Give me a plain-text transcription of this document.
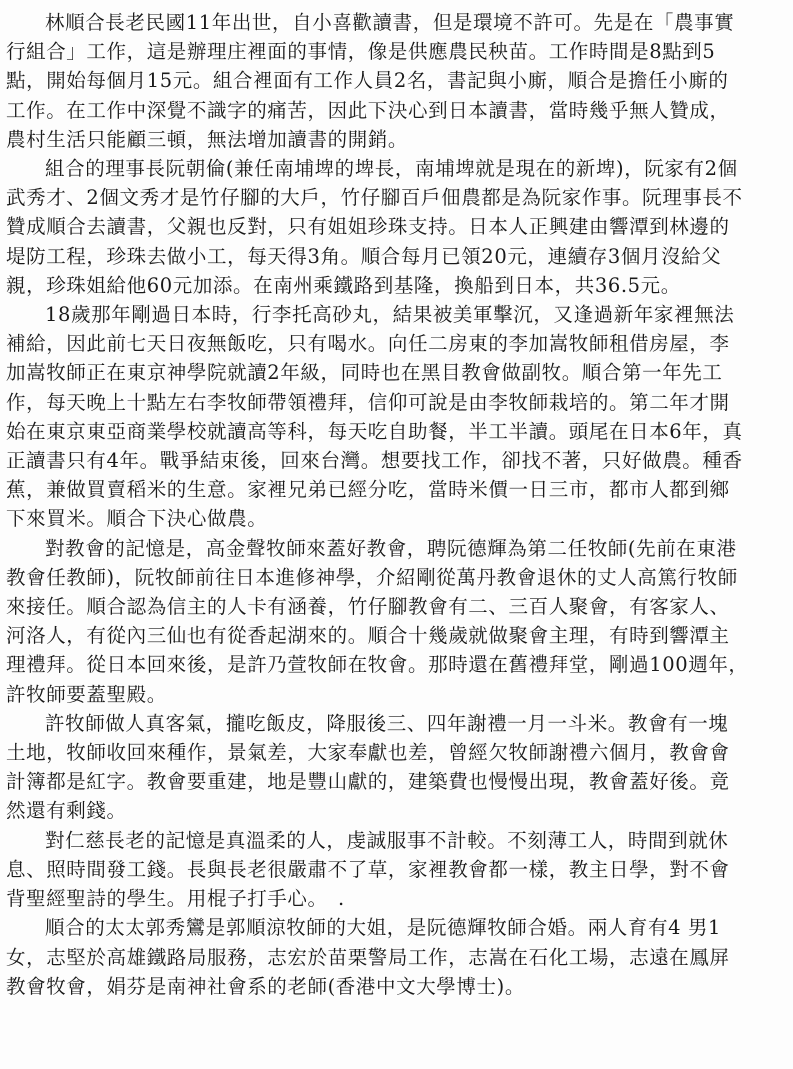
林順合長老民國11年出世，自小喜歡讀書，但是環境不許可。先是在「農事實
行組合」工作，這是辦理庄裡面的事情，像是供應農民秧苗。工作時間是8點到5
點，開始每個月15元。組合裡面有工作人員2名，書記與小廝，順合是擔任小廝的
工作。在工作中深覺不識字的痛苦，因此下決心到日本讀書，當時幾乎無人贊成，
農村生活只能顧三頓，無法增加讀書的開銷。

組合的理事長阮朝倫(兼任南埔埤的埤長，南埔埤就是現在的新埤)，阮家有2個
武秀才、2個文秀才是竹仔腳的大戶，竹仔腳百戶佃農都是為阮家作事。阮理事長不
贊成順合去讀書，父親也反對，只有姐姐珍珠支持。日本人正興建由響潭到林邊的
堤防工程，珍珠去做小工，每天得3角。順合每月已領20元，連續存3個月沒給父
親，珍珠姐給他60元加添。在南州乘鐵路到基隆，換船到日本，共36.5元。

18歲那年剛過日本時，行李托高砂丸，結果被美軍擊沉，又逢過新年家裡無法
補給，因此前七天日夜無飯吃，只有喝水。向任二房東的李加嵩牧師租借房屋，李
加嵩牧師正在東京神學院就讀2年級，同時也在黑目教會做副牧。順合第一年先工
作，每天晚上十點左右李牧師帶領禮拜，信仰可說是由李牧師栽培的。第二年才開
始在東京東亞商業學校就讀高等科，每天吃自助餐，半工半讀。頭尾在日本6年，真
正讀書只有4年。戰爭結束後，回來台灣。想要找工作，卻找不著，只好做農。種香
蕉，兼做買賣稻米的生意。家裡兄弟已經分吃，當時米價一日三市，都市人都到鄉
下來買米。順合下決心做農。

對教會的記憶是，高金聲牧師來蓋好教會，聘阮德輝為第二任牧師(先前在東港
教會任教師)，阮牧師前往日本進修神學，介紹剛從萬丹教會退休的丈人高篤行牧師
來接任。順合認為信主的人卡有涵養，竹仔腳教會有二、三百人聚會，有客家人、
河洛人，有從內三仙也有從香起湖來的。順合十幾歲就做聚會主理，有時到響潭主
理禮拜。從日本回來後，是許乃萱牧師在牧會。那時還在舊禮拜堂，剛過100週年，
許牧師要蓋聖殿。

許牧師做人真客氣，攏吃飯皮，降服後三、四年謝禮一月一斗米。教會有一塊
土地，牧師收回來種作，景氣差，大家奉獻也差，曾經欠牧師謝禮六個月，教會會
計簿都是紅字。教會要重建，地是豐山獻的，建築費也慢慢出現，教會蓋好後。竟
然還有剩錢。

對仁慈長老的記憶是真溫柔的人，虔誠服事不計較。不刻薄工人，時間到就休
息、照時間發工錢。長與長老很嚴肅不了草，家裡教會都一樣，教主日學，對不會
背聖經聖詩的學生。用棍子打手心。　.

順合的太太郭秀鸞是郭順涼牧師的大姐，是阮德輝牧師合婚。兩人育有4 男1
女，志堅於高雄鐵路局服務，志宏於苗栗警局工作，志嵩在石化工場，志遠在鳳屏
教會牧會，娟芬是南神社會系的老師(香港中文大學博士)。
